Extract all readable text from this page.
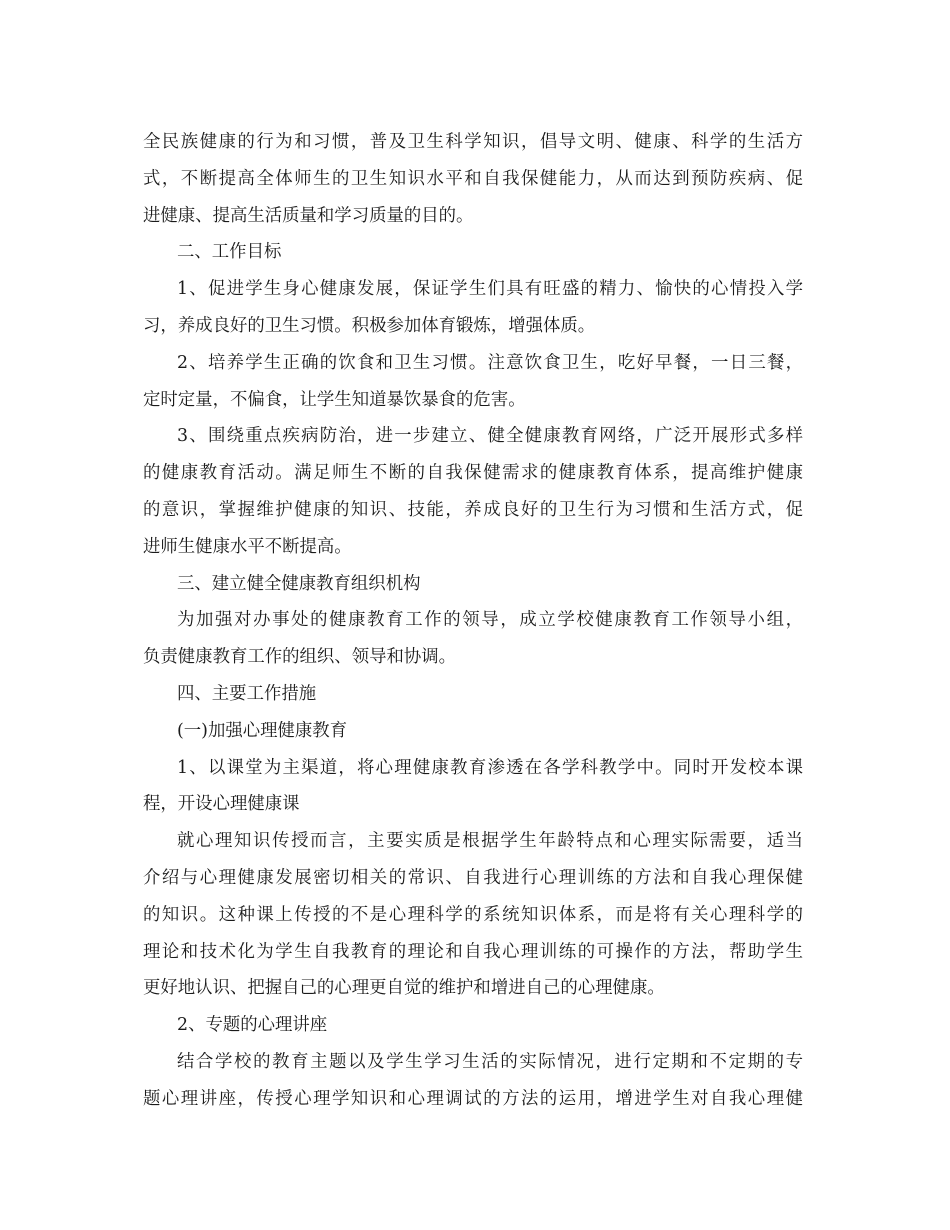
全民族健康的行为和习惯，普及卫生科学知识，倡导文明、健康、科学的生活方
式，不断提高全体师生的卫生知识水平和自我保健能力，从而达到预防疾病、促
进健康、提高生活质量和学习质量的目的。
二、工作目标
1、促进学生身心健康发展，保证学生们具有旺盛的精力、愉快的心情投入学
习，养成良好的卫生习惯。积极参加体育锻炼，增强体质。
2、培养学生正确的饮食和卫生习惯。注意饮食卫生，吃好早餐，一日三餐，
定时定量，不偏食，让学生知道暴饮暴食的危害。
3、围绕重点疾病防治，进一步建立、健全健康教育网络，广泛开展形式多样
的健康教育活动。满足师生不断的自我保健需求的健康教育体系，提高维护健康
的意识，掌握维护健康的知识、技能，养成良好的卫生行为习惯和生活方式，促
进师生健康水平不断提高。
三、建立健全健康教育组织机构
为加强对办事处的健康教育工作的领导，成立学校健康教育工作领导小组，
负责健康教育工作的组织、领导和协调。
四、主要工作措施
(一)加强心理健康教育
1、以课堂为主渠道，将心理健康教育渗透在各学科教学中。同时开发校本课
程，开设心理健康课
就心理知识传授而言，主要实质是根据学生年龄特点和心理实际需要，适当
介绍与心理健康发展密切相关的常识、自我进行心理训练的方法和自我心理保健
的知识。这种课上传授的不是心理科学的系统知识体系，而是将有关心理科学的
理论和技术化为学生自我教育的理论和自我心理训练的可操作的方法，帮助学生
更好地认识、把握自己的心理更自觉的维护和增进自己的心理健康。
2、专题的心理讲座
结合学校的教育主题以及学生学习生活的实际情况，进行定期和不定期的专
题心理讲座，传授心理学知识和心理调试的方法的运用，增进学生对自我心理健
